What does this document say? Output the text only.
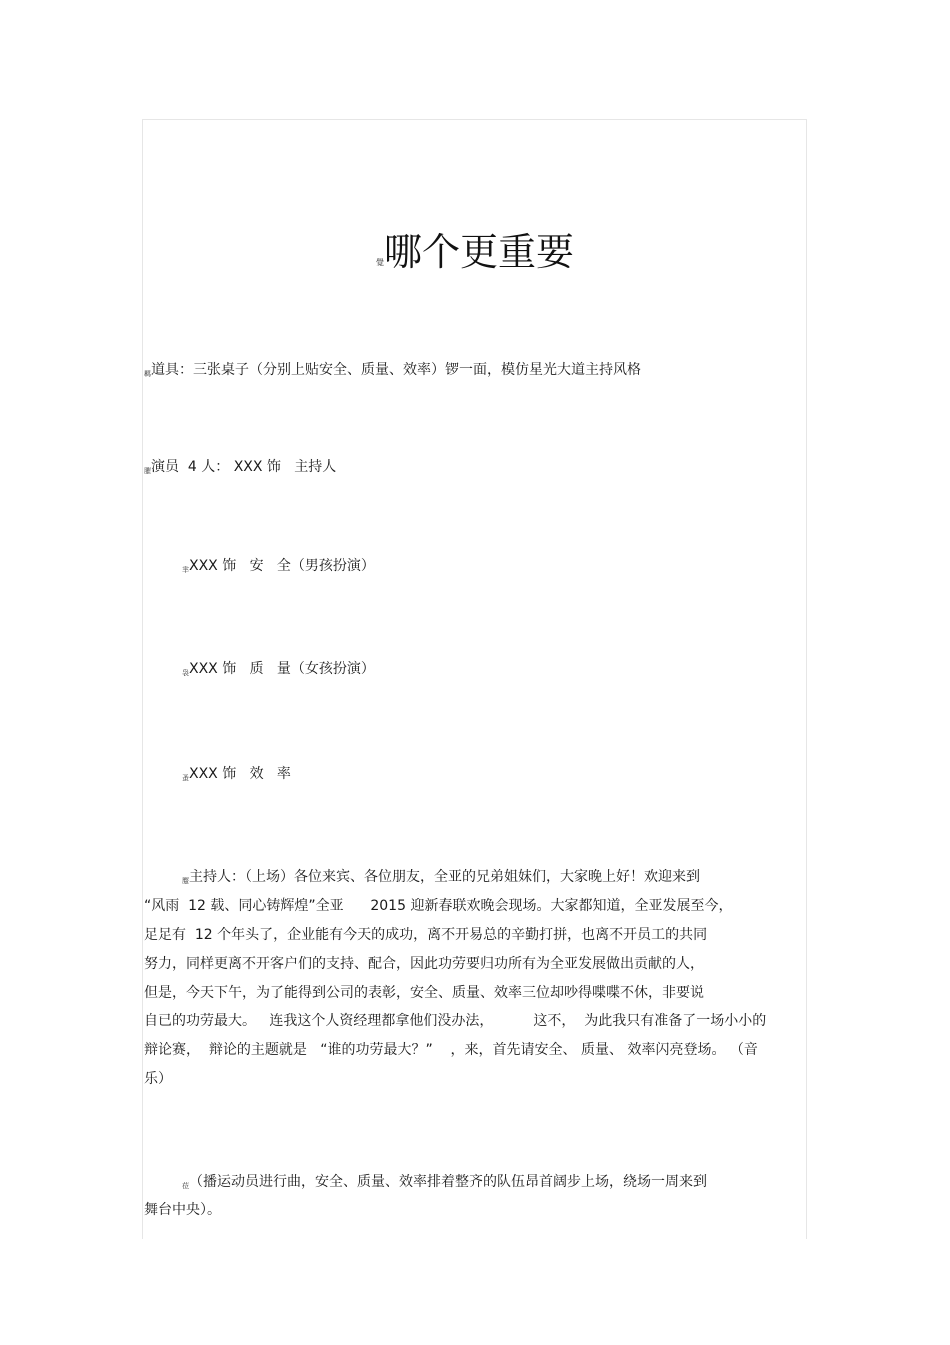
覺哪个更重要
羁道具：三张桌子（分别上贴安全、质量、效率）锣一面，模仿星光大道主持风格
膗演员  4 人： XXX 饰   主持人
芈XXX 饰   安   全（男孩扮演）
袅XXX 饰   质   量（女孩扮演）
蚤XXX 饰   效   率
蹷主持人：（上场）各位来宾、各位朋友，全亚的兄弟姐妹们，大家晚上好！欢迎来到
“风雨  12 载、同心铸辉煌”全亚      2015 迎新春联欢晚会现场。大家都知道，全亚发展至今，
足足有  12 个年头了，企业能有今天的成功，离不开易总的辛勤打拼，也离不开员工的共同
努力，同样更离不开客户们的支持、配合，因此功劳要归功所有为全亚发展做出贡献的人，
但是，今天下午，为了能得到公司的表彰，安全、质量、效率三位却吵得喋喋不休，非要说
自已的功劳最大。   连我这个人资经理都拿他们没办法，         这不，  为此我只有准备了一场小小的
辩论赛，  辩论的主题就是   “谁的功劳最大？”    ，来，首先请安全、 质量、 效率闪亮登场。 （音
乐）
莅（播运动员进行曲，安全、质量、效率排着整齐的队伍昂首阔步上场，绕场一周来到
舞台中央）。
